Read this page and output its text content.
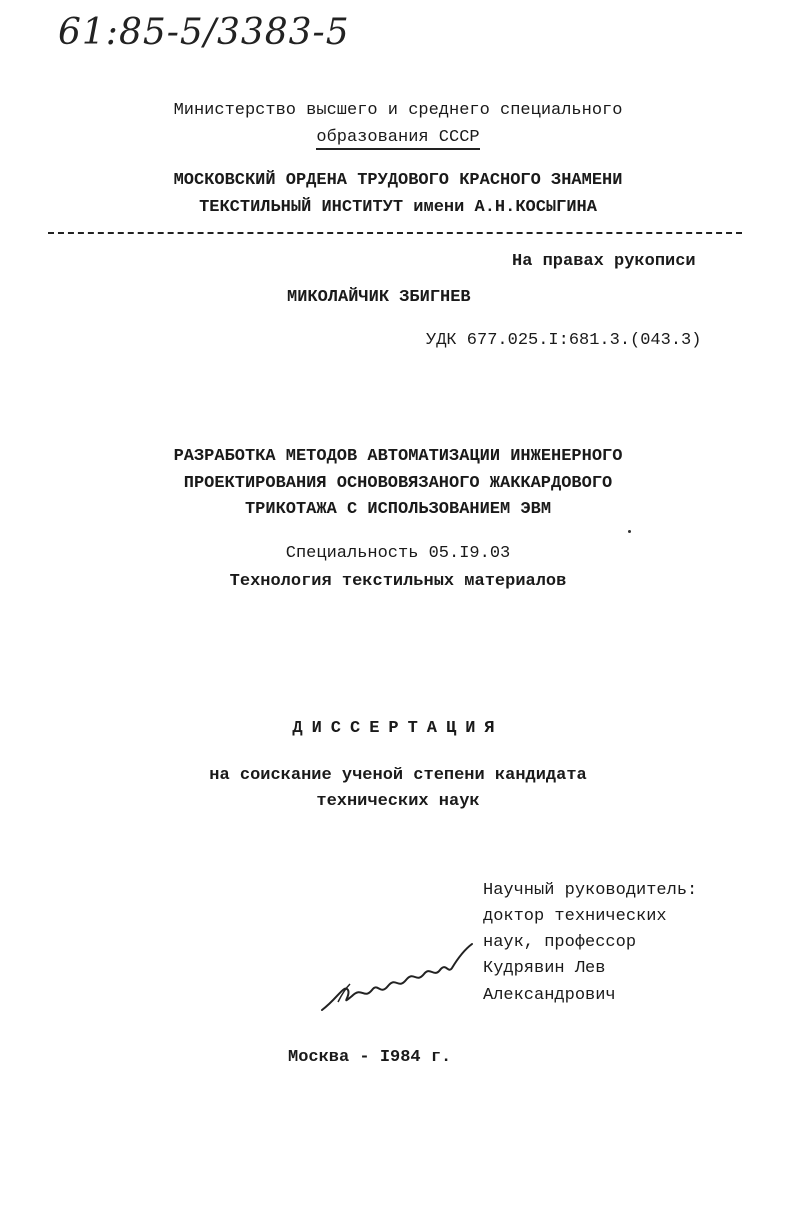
61:85-5/3383-5
Министерство высшего и среднего специального
образования СССР
МОСКОВСКИЙ ОРДЕНА ТРУДОВОГО КРАСНОГО ЗНАМЕНИ
ТЕКСТИЛЬНЫЙ ИНСТИТУТ имени А.Н.КОСЫГИНА
На правах рукописи
МИКОЛАЙЧИК ЗБИГНЕВ
УДК 677.025.I:681.3.(043.3)
РАЗРАБОТКА МЕТОДОВ АВТОМАТИЗАЦИИ ИНЖЕНЕРНОГО
ПРОЕКТИРОВАНИЯ ОСНОВОВЯЗАНОГО ЖАККАРДОВОГО
ТРИКОТАЖА С ИСПОЛЬЗОВАНИЕМ ЭВМ
Специальность 05.I9.03
Технология текстильных материалов
ДИССЕРТАЦИЯ
на соискание ученой степени кандидата
технических наук
Научный руководитель:
доктор технических
наук, профессор
Кудрявин Лев
Александрович
Москва - I984 г.
